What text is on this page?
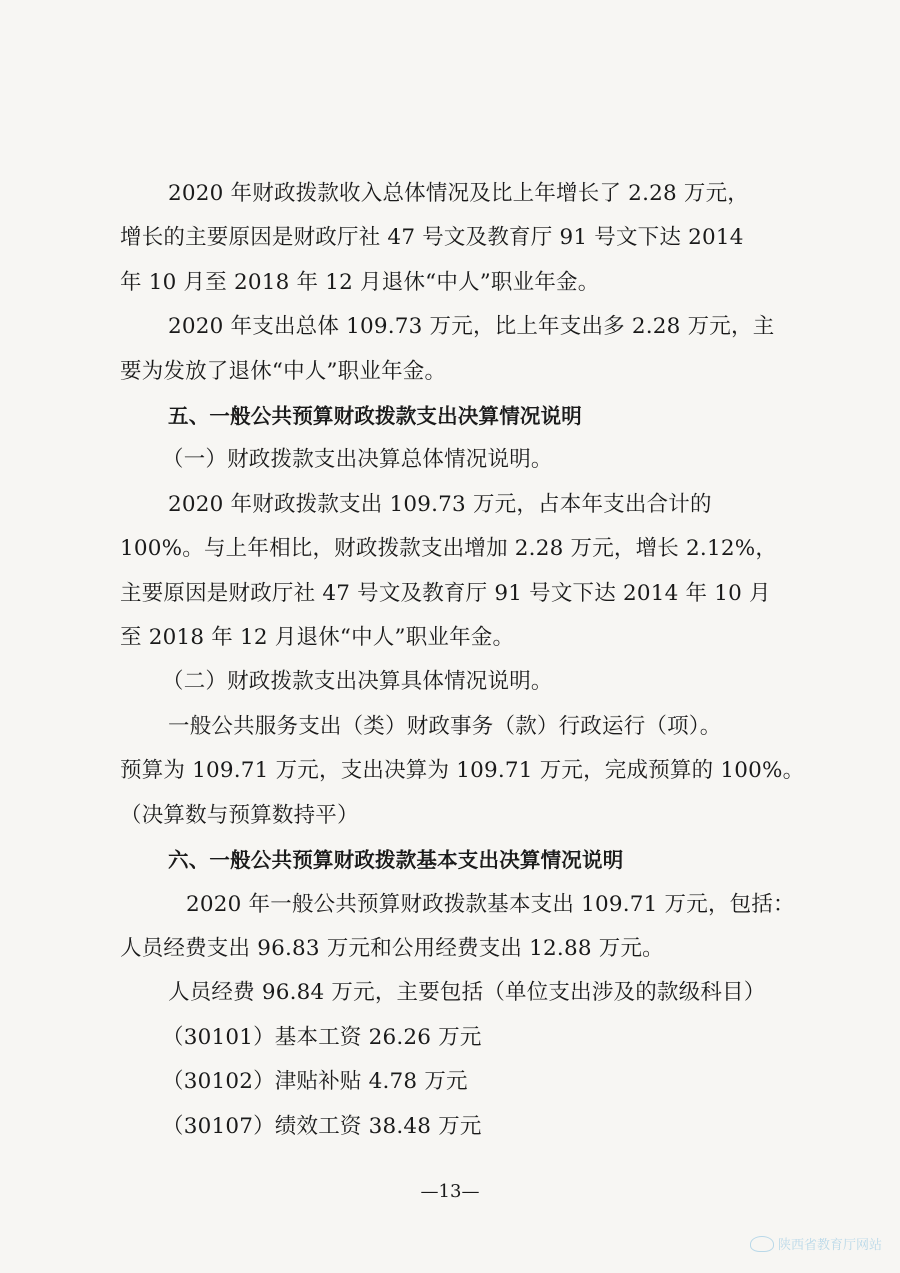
2020 年财政拨款收入总体情况及比上年增长了 2.28 万元，
增长的主要原因是财政厅社 47 号文及教育厅 91 号文下达 2014
年 10 月至 2018 年 12 月退休“中人”职业年金。
2020 年支出总体 109.73 万元，比上年支出多 2.28 万元，主
要为发放了退休“中人”职业年金。
五、一般公共预算财政拨款支出决算情况说明
（一）财政拨款支出决算总体情况说明。
2020 年财政拨款支出 109.73 万元，占本年支出合计的
100%。与上年相比，财政拨款支出增加 2.28 万元，增长 2.12%，
主要原因是财政厅社 47 号文及教育厅 91 号文下达 2014 年 10 月
至 2018 年 12 月退休“中人”职业年金。
（二）财政拨款支出决算具体情况说明。
一般公共服务支出（类）财政事务（款）行政运行（项）。
预算为 109.71 万元，支出决算为 109.71 万元，完成预算的 100%。
（决算数与预算数持平）
六、一般公共预算财政拨款基本支出决算情况说明
2020 年一般公共预算财政拨款基本支出 109.71 万元，包括：
人员经费支出 96.83 万元和公用经费支出 12.88 万元。
人员经费 96.84 万元，主要包括（单位支出涉及的款级科目）
（30101）基本工资 26.26 万元
（30102）津贴补贴 4.78 万元
（30107）绩效工资 38.48 万元
—13—
陕西省教育厅网站
